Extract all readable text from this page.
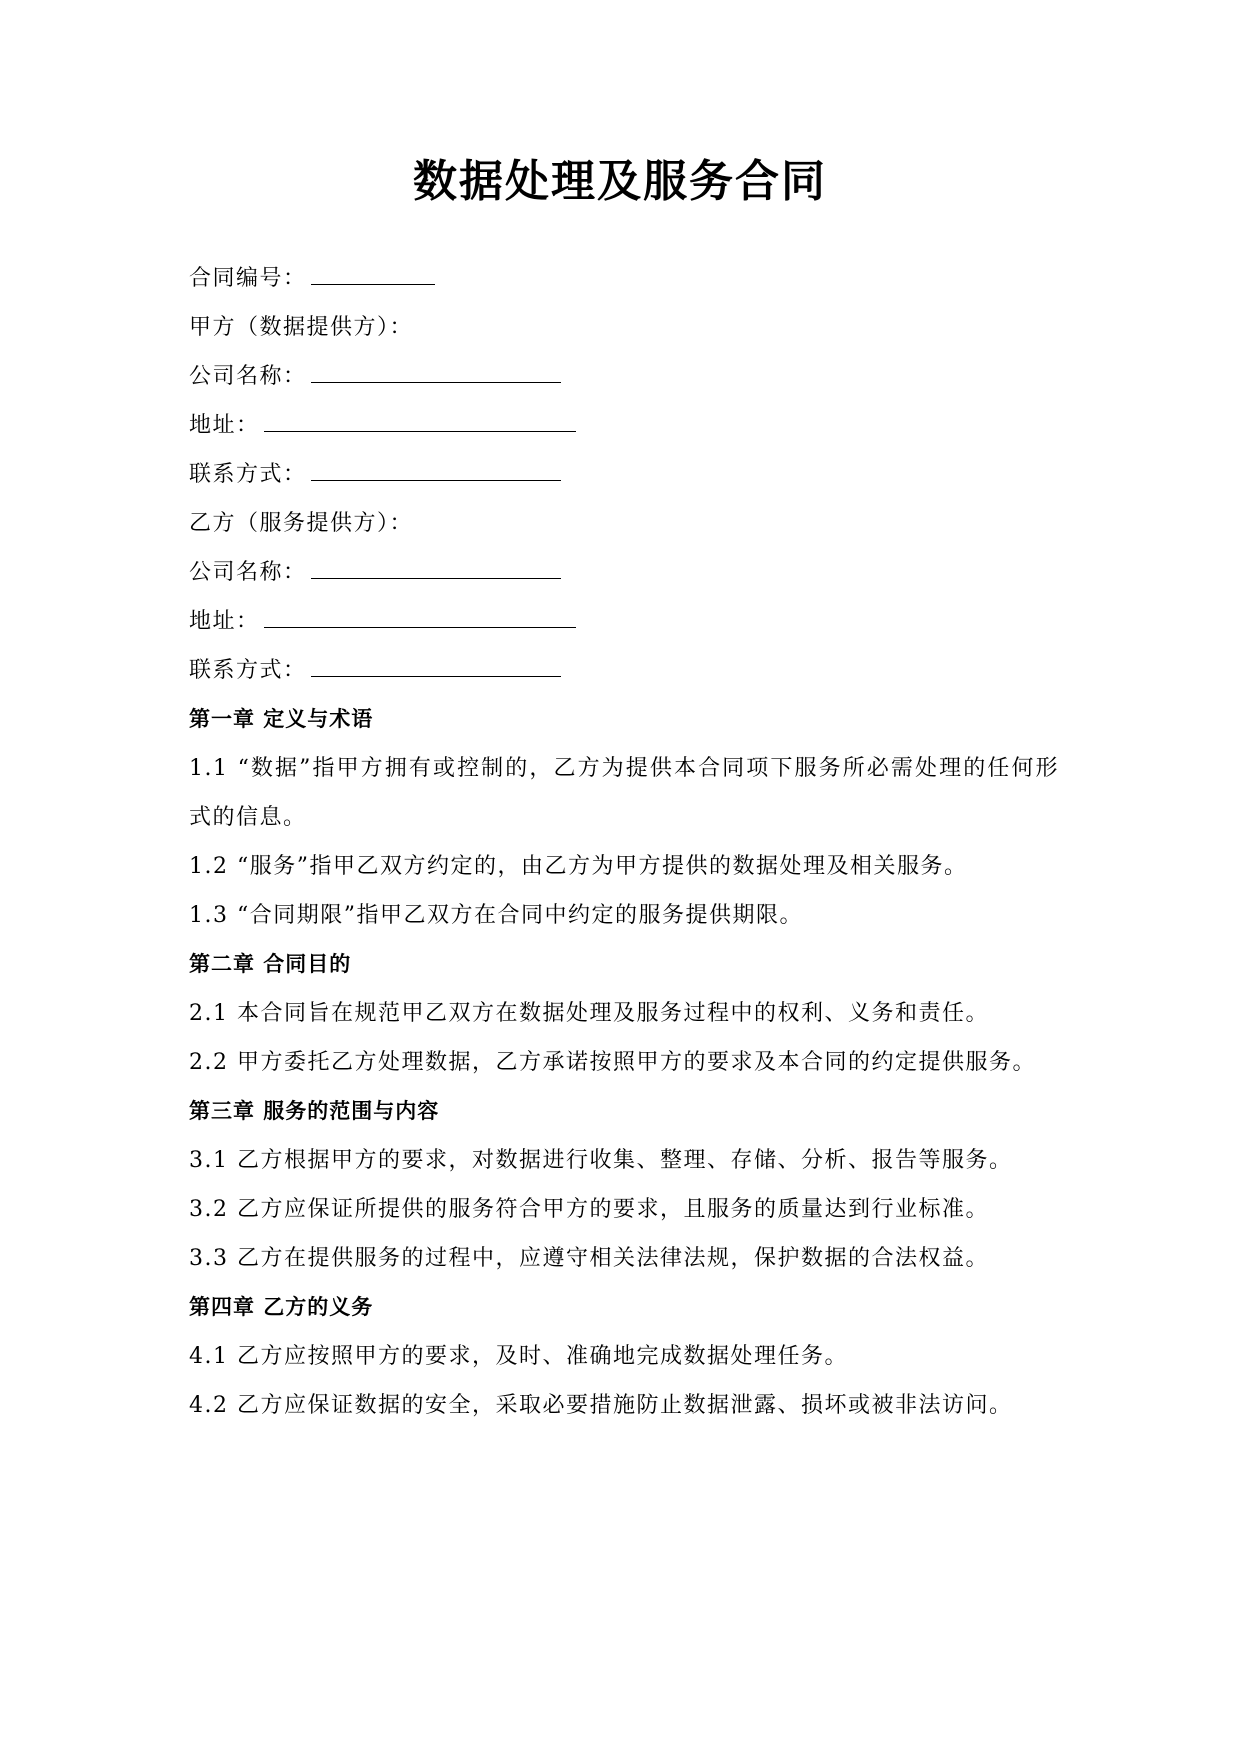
数据处理及服务合同
合同编号：
甲方（数据提供方）：
公司名称：
地址：
联系方式：
乙方（服务提供方）：
公司名称：
地址：
联系方式：
第一章 定义与术语
1.1 “数据”指甲方拥有或控制的，乙方为提供本合同项下服务所必需处理的任何形式的信息。
1.2 “服务”指甲乙双方约定的，由乙方为甲方提供的数据处理及相关服务。
1.3 “合同期限”指甲乙双方在合同中约定的服务提供期限。
第二章 合同目的
2.1 本合同旨在规范甲乙双方在数据处理及服务过程中的权利、义务和责任。
2.2 甲方委托乙方处理数据，乙方承诺按照甲方的要求及本合同的约定提供服务。
第三章 服务的范围与内容
3.1 乙方根据甲方的要求，对数据进行收集、整理、存储、分析、报告等服务。
3.2 乙方应保证所提供的服务符合甲方的要求，且服务的质量达到行业标准。
3.3 乙方在提供服务的过程中，应遵守相关法律法规，保护数据的合法权益。
第四章 乙方的义务
4.1 乙方应按照甲方的要求，及时、准确地完成数据处理任务。
4.2 乙方应保证数据的安全，采取必要措施防止数据泄露、损坏或被非法访问。
